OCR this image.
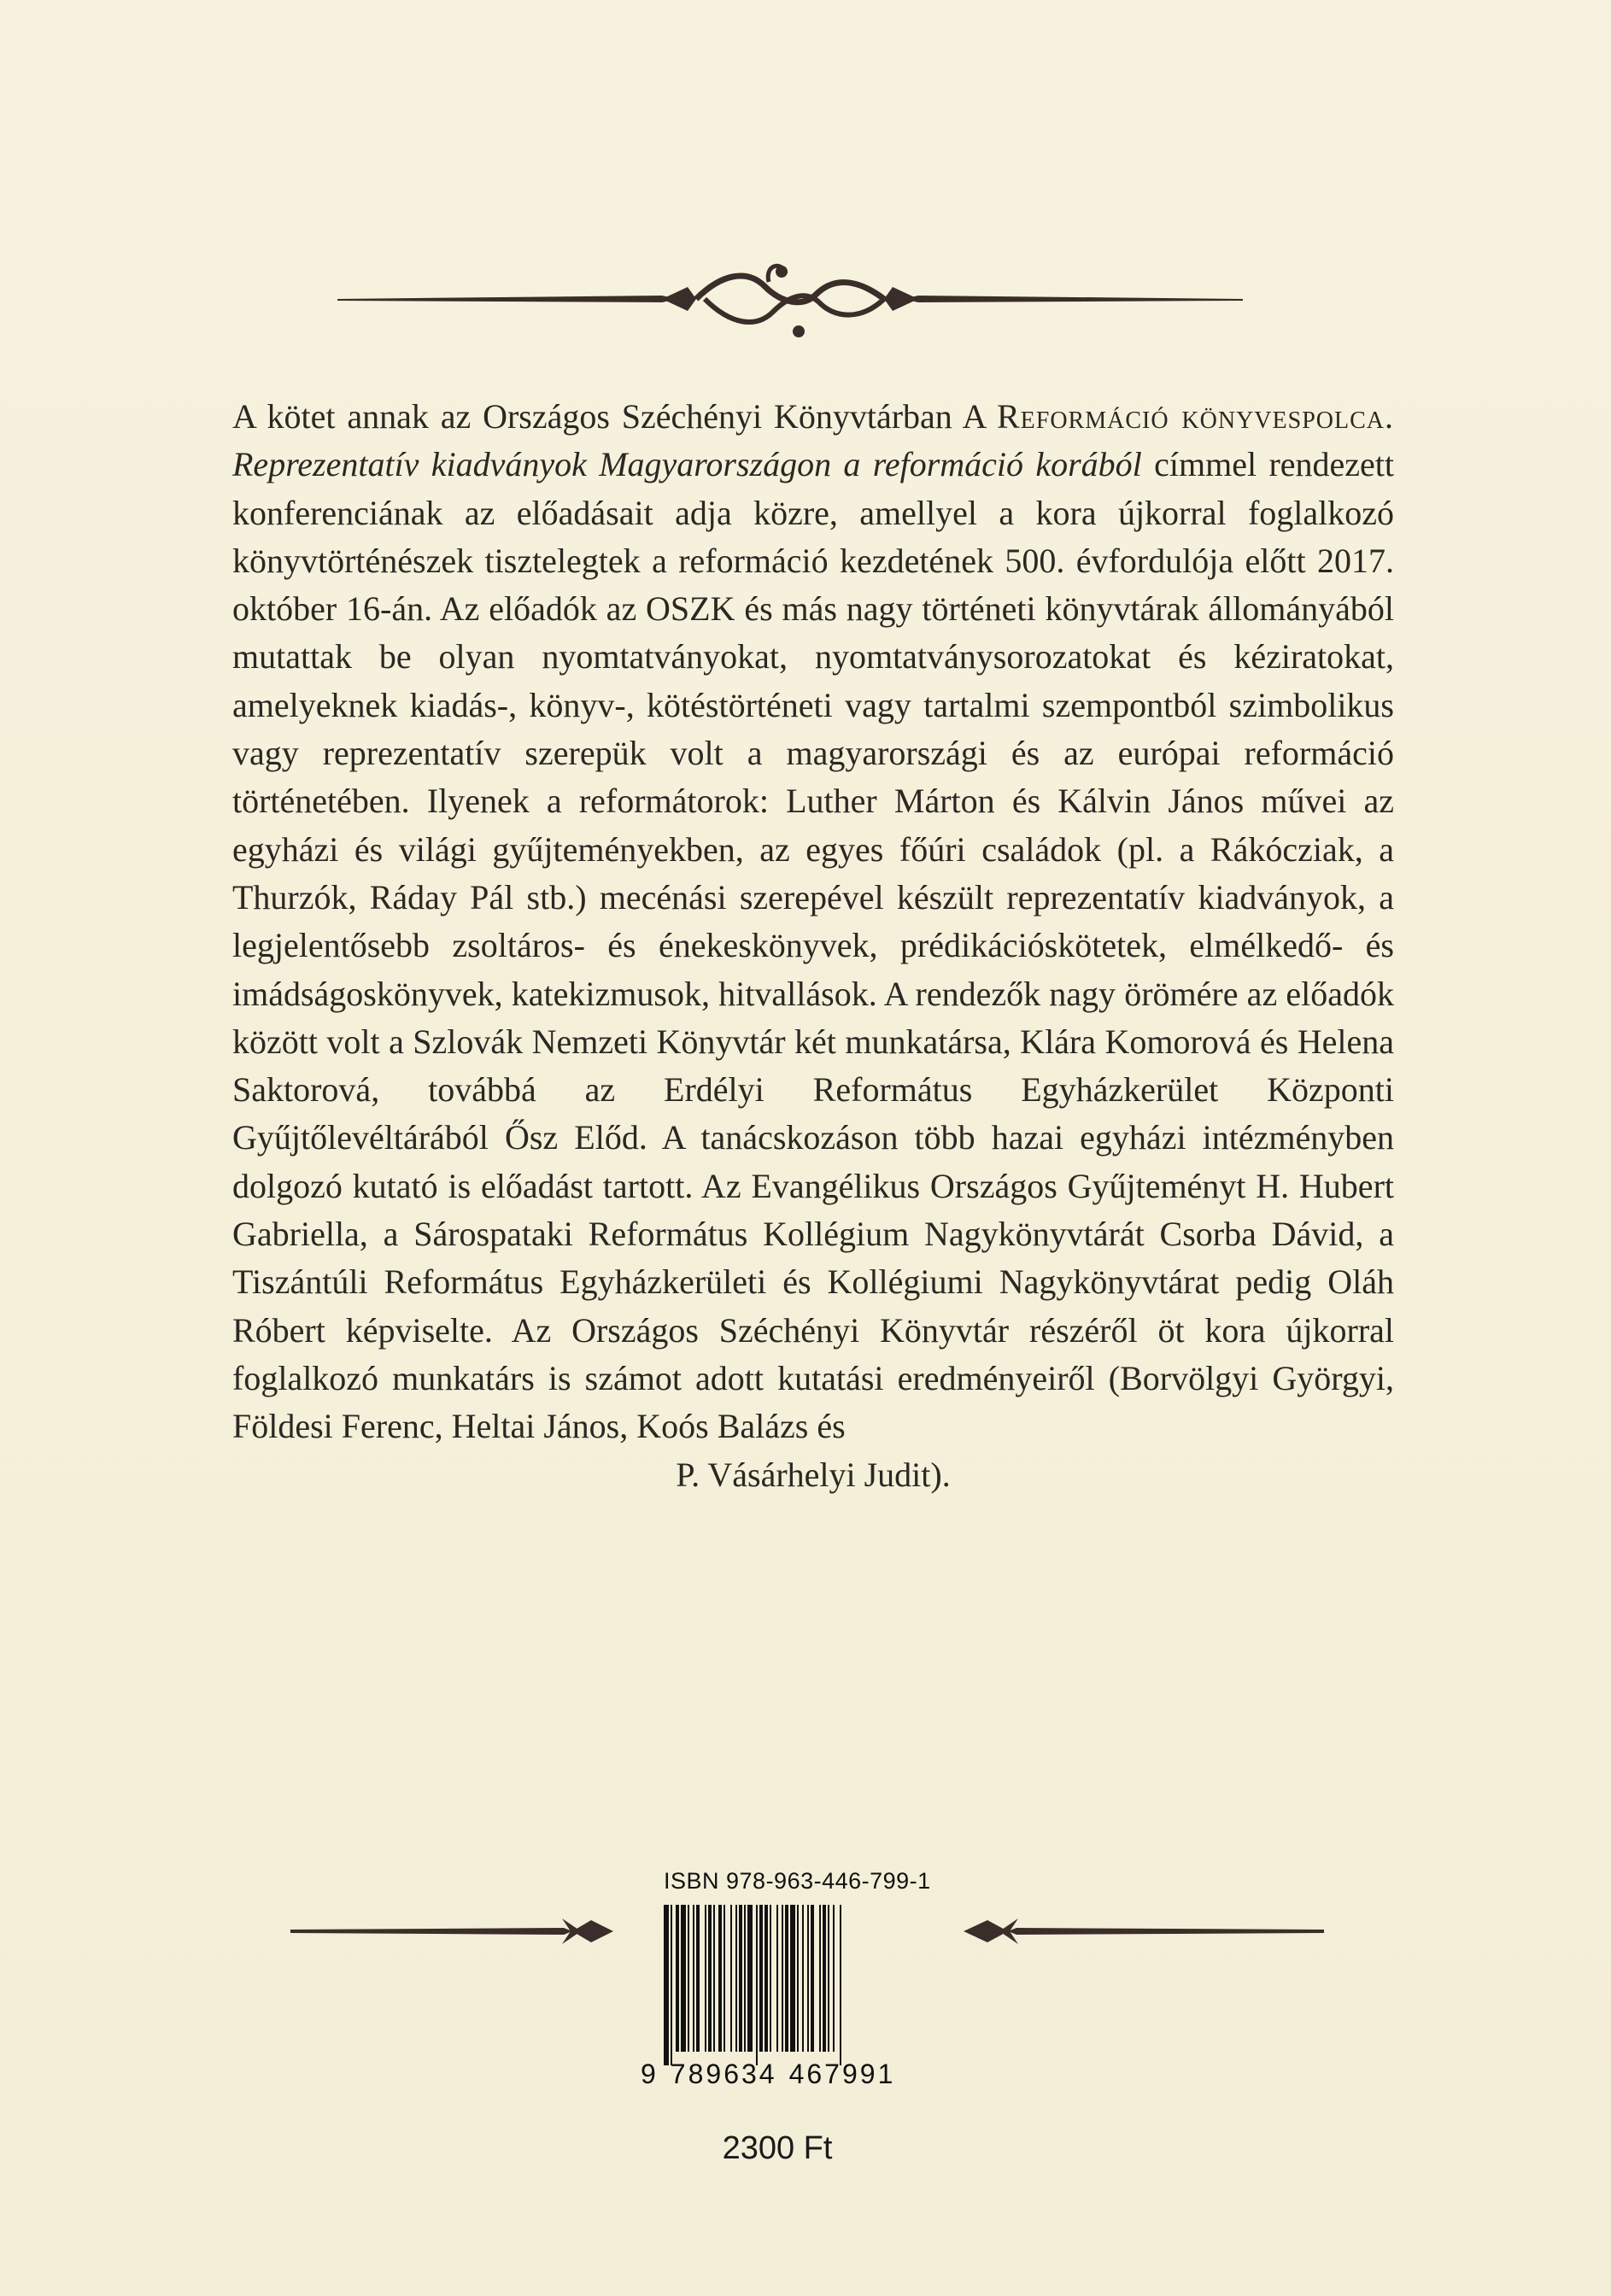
A kötet annak az Országos Széchényi Könyvtárban A Reformáció könyvespolca. Reprezentatív kiadványok Magyarországon a reformáció korából címmel rendezett konferenciának az előadásait adja közre, amellyel a kora újkorral foglalkozó könyvtörténészek tisztelegtek a reformáció kezdetének 500. évfordulója előtt 2017. október 16-án. Az előadók az OSZK és más nagy történeti könyvtárak állományából mutattak be olyan nyomtatványokat, nyomtatványsorozatokat és kéziratokat, amelyeknek kiadás-, könyv-, kötéstörténeti vagy tartalmi szempontból szimbolikus vagy reprezentatív szerepük volt a magyarországi és az európai reformáció történetében. Ilyenek a reformátorok: Luther Márton és Kálvin János művei az egyházi és világi gyűjteményekben, az egyes főúri családok (pl. a Rákócziak, a Thurzók, Ráday Pál stb.) mecénási szerepével készült reprezentatív kiadványok, a legjelentősebb zsoltáros- és énekeskönyvek, prédikációskötetek, elmélkedő- és imádságoskönyvek, katekizmusok, hitvallások. A rendezők nagy örömére az előadók között volt a Szlovák Nemzeti Könyvtár két munkatársa, Klára Komorová és Helena Saktorová, továbbá az Erdélyi Református Egyházkerület Központi Gyűjtőlevéltárából Ősz Előd. A tanácskozáson több hazai egyházi intézményben dolgozó kutató is előadást tartott. Az Evangélikus Országos Gyűjteményt H. Hubert Gabriella, a Sárospataki Református Kollégium Nagykönyvtárát Csorba Dávid, a Tiszántúli Református Egyházkerületi és Kollégiumi Nagykönyvtárat pedig Oláh Róbert képviselte. Az Országos Széchényi Könyvtár részéről öt kora újkorral foglalkozó munkatárs is számot adott kutatási eredményeiről (Borvölgyi Györgyi, Földesi Ferenc, Heltai János, Koós Balázs és
P. Vásárhelyi Judit).
ISBN 978-963-446-799-1
9 789634 467991
2300 Ft
